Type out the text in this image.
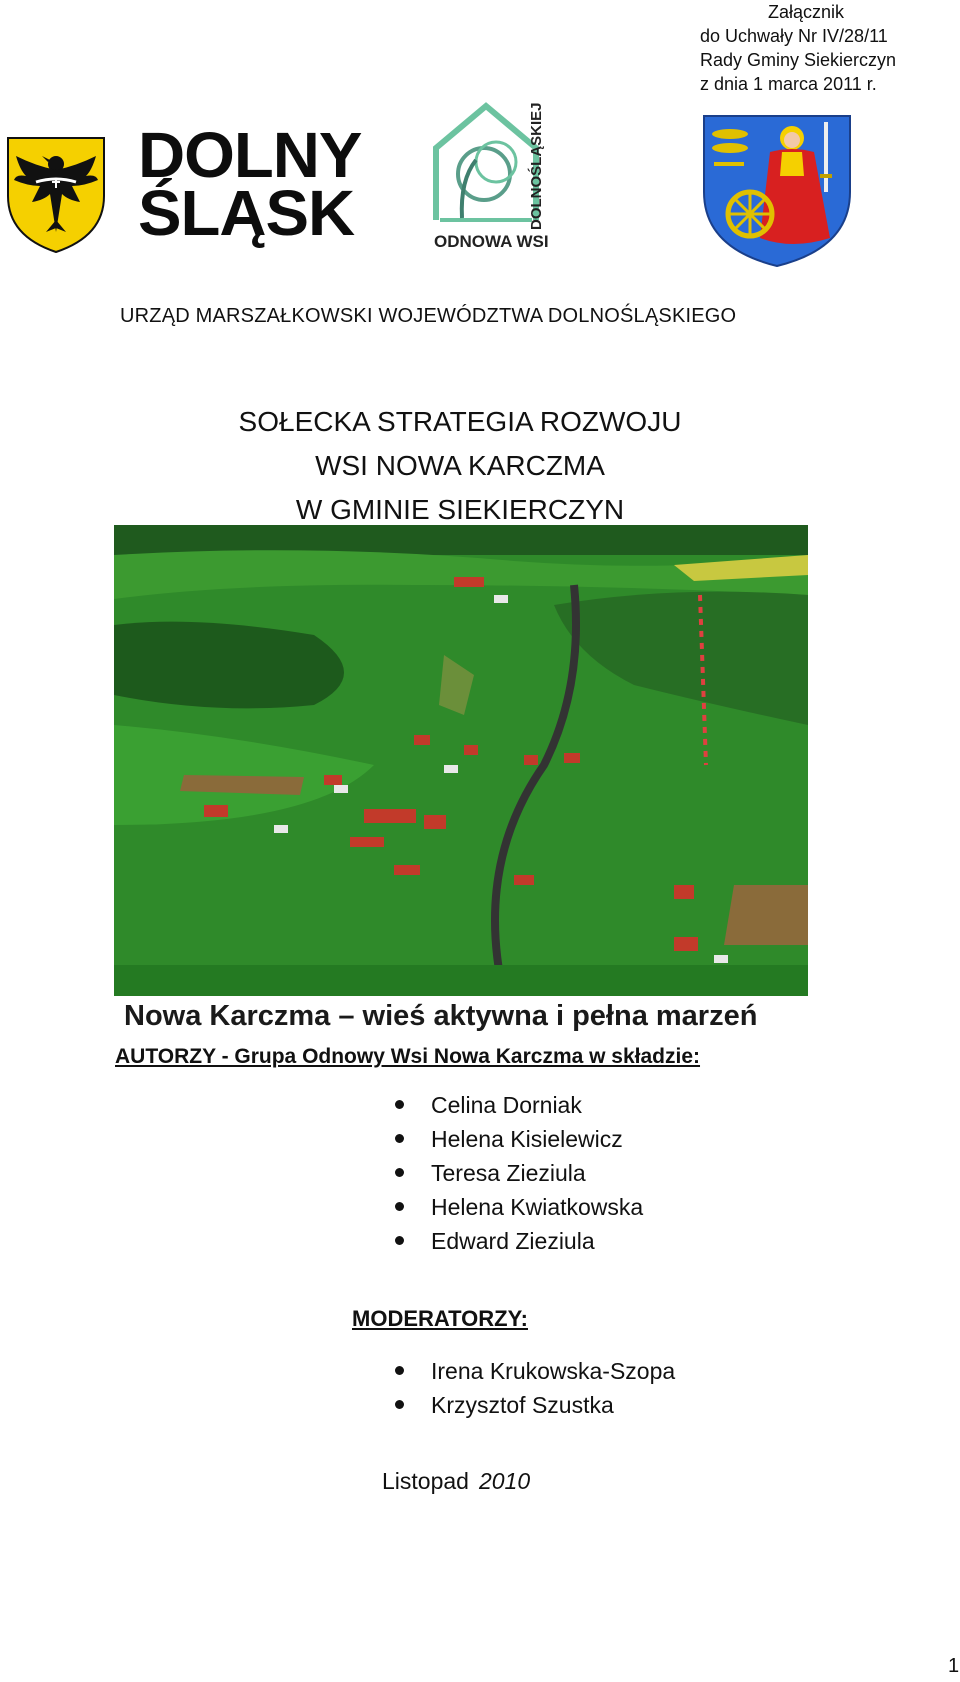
Załącznik
do Uchwały Nr IV/28/11
Rady Gminy Siekierczyn
z dnia 1 marca 2011 r.
DOLNY
ŚLĄSK	ODNOWA WSI
DOLNOŚLĄSKIEJ
URZĄD MARSZAŁKOWSKI WOJEWÓDZTWA DOLNOŚLĄSKIEGO
SOŁECKA STRATEGIA ROZWOJU
WSI NOWA KARCZMA
W GMINIE SIEKIERCZYN
Nowa Karczma – wieś aktywna i pełna marzeń
AUTORZY - Grupa Odnowy Wsi Nowa Karczma w składzie:
Celina Dorniak
Helena Kisielewicz
Teresa Zieziula
Helena Kwiatkowska
Edward Zieziula
MODERATORZY:
Irena Krukowska-Szopa
Krzysztof Szustka
Listopad 2010
1
